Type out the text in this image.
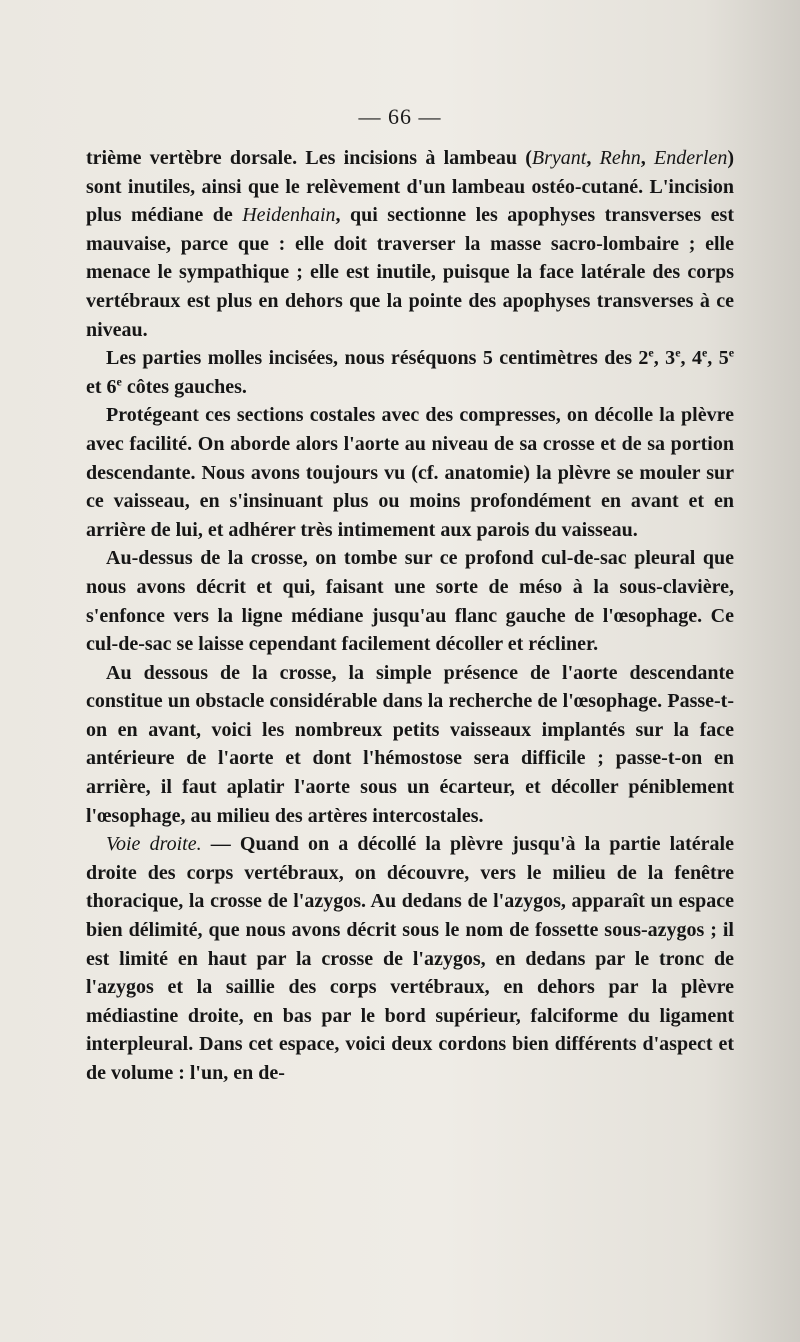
— 66 —

trième vertèbre dorsale. Les incisions à lambeau (Bryant, Rehn, Enderlen) sont inutiles, ainsi que le relèvement d'un lambeau ostéo-cutané. L'incision plus médiane de Heidenhain, qui sectionne les apophyses transverses est mauvaise, parce que : elle doit traverser la masse sacro-lombaire ; elle menace le sympathique ; elle est inutile, puisque la face latérale des corps vertébraux est plus en dehors que la pointe des apophyses transverses à ce niveau.

Les parties molles incisées, nous réséquons 5 centimètres des 2e, 3e, 4e, 5e et 6e côtes gauches.

Protégeant ces sections costales avec des compresses, on décolle la plèvre avec facilité. On aborde alors l'aorte au niveau de sa crosse et de sa portion descendante. Nous avons toujours vu (cf. anatomie) la plèvre se mouler sur ce vaisseau, en s'insinuant plus ou moins profondément en avant et en arrière de lui, et adhérer très intimement aux parois du vaisseau.

Au-dessus de la crosse, on tombe sur ce profond cul-de-sac pleural que nous avons décrit et qui, faisant une sorte de méso à la sous-clavière, s'enfonce vers la ligne médiane jusqu'au flanc gauche de l'œsophage. Ce cul-de-sac se laisse cependant facilement décoller et récliner.

Au dessous de la crosse, la simple présence de l'aorte descendante constitue un obstacle considérable dans la recherche de l'œsophage. Passe-t-on en avant, voici les nombreux petits vaisseaux implantés sur la face antérieure de l'aorte et dont l'hémostose sera difficile ; passe-t-on en arrière, il faut aplatir l'aorte sous un écarteur, et décoller péniblement l'œsophage, au milieu des artères intercostales.

Voie droite. — Quand on a décollé la plèvre jusqu'à la partie latérale droite des corps vertébraux, on découvre, vers le milieu de la fenêtre thoracique, la crosse de l'azygos. Au dedans de l'azygos, apparaît un espace bien délimité, que nous avons décrit sous le nom de fossette sous-azygos ; il est limité en haut par la crosse de l'azygos, en dedans par le tronc de l'azygos et la saillie des corps vertébraux, en dehors par la plèvre médiastine droite, en bas par le bord supérieur, falciforme du ligament interpleural. Dans cet espace, voici deux cordons bien différents d'aspect et de volume : l'un, en de-
